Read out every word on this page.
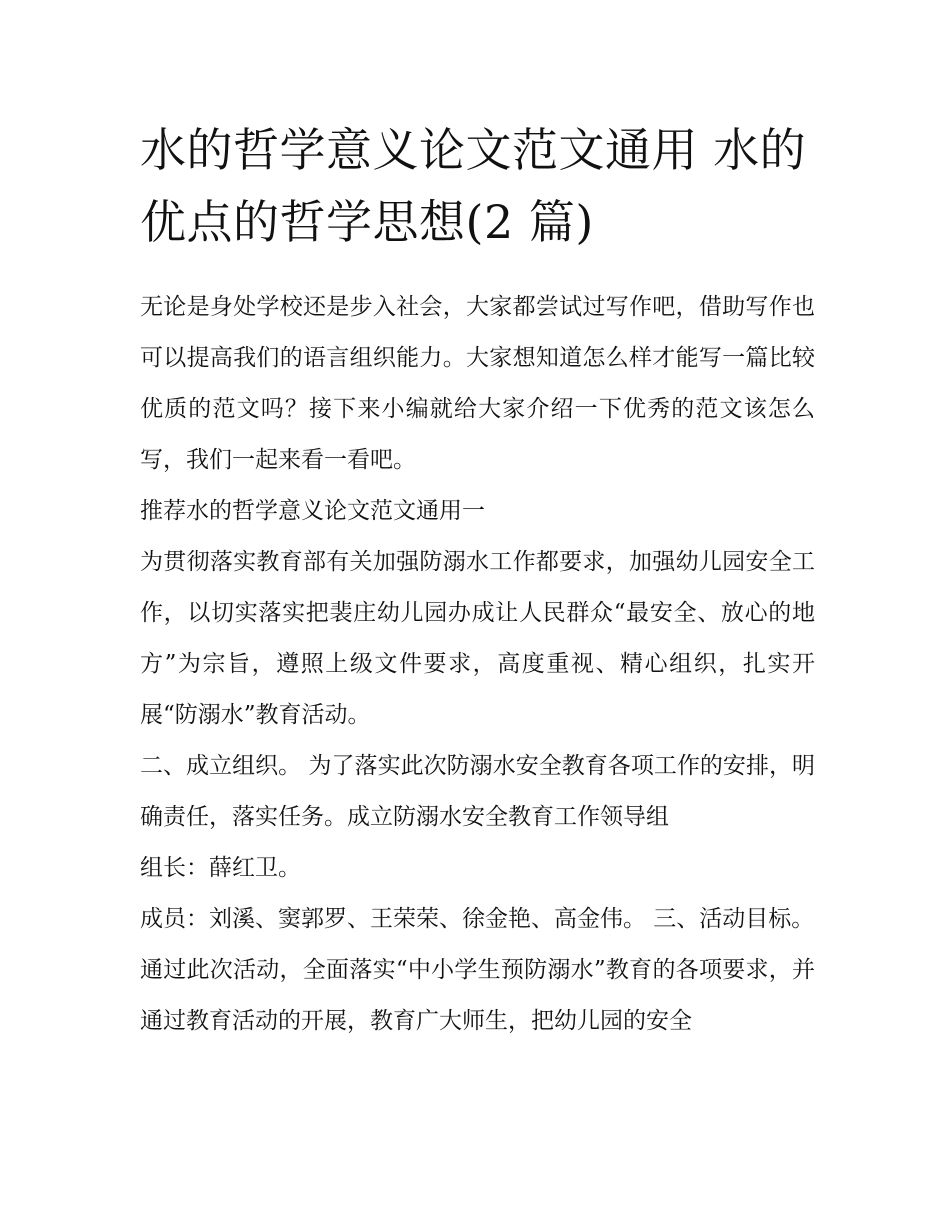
水的哲学意义论文范文通用 水的优点的哲学思想(2 篇)

无论是身处学校还是步入社会，大家都尝试过写作吧，借助写作也可以提高我们的语言组织能力。大家想知道怎么样才能写一篇比较优质的范文吗？接下来小编就给大家介绍一下优秀的范文该怎么写，我们一起来看一看吧。

推荐水的哲学意义论文范文通用一

为贯彻落实教育部有关加强防溺水工作都要求，加强幼儿园安全工作，以切实落实把裴庄幼儿园办成让人民群众“最安全、放心的地方”为宗旨，遵照上级文件要求，高度重视、精心组织，扎实开展“防溺水”教育活动。

二、成立组织。 为了落实此次防溺水安全教育各项工作的安排，明确责任，落实任务。成立防溺水安全教育工作领导组

组长：薛红卫。

成员：刘溪、窦郭罗、王荣荣、徐金艳、高金伟。 三、活动目标。

通过此次活动，全面落实“中小学生预防溺水”教育的各项要求，并通过教育活动的开展，教育广大师生，把幼儿园的安全
